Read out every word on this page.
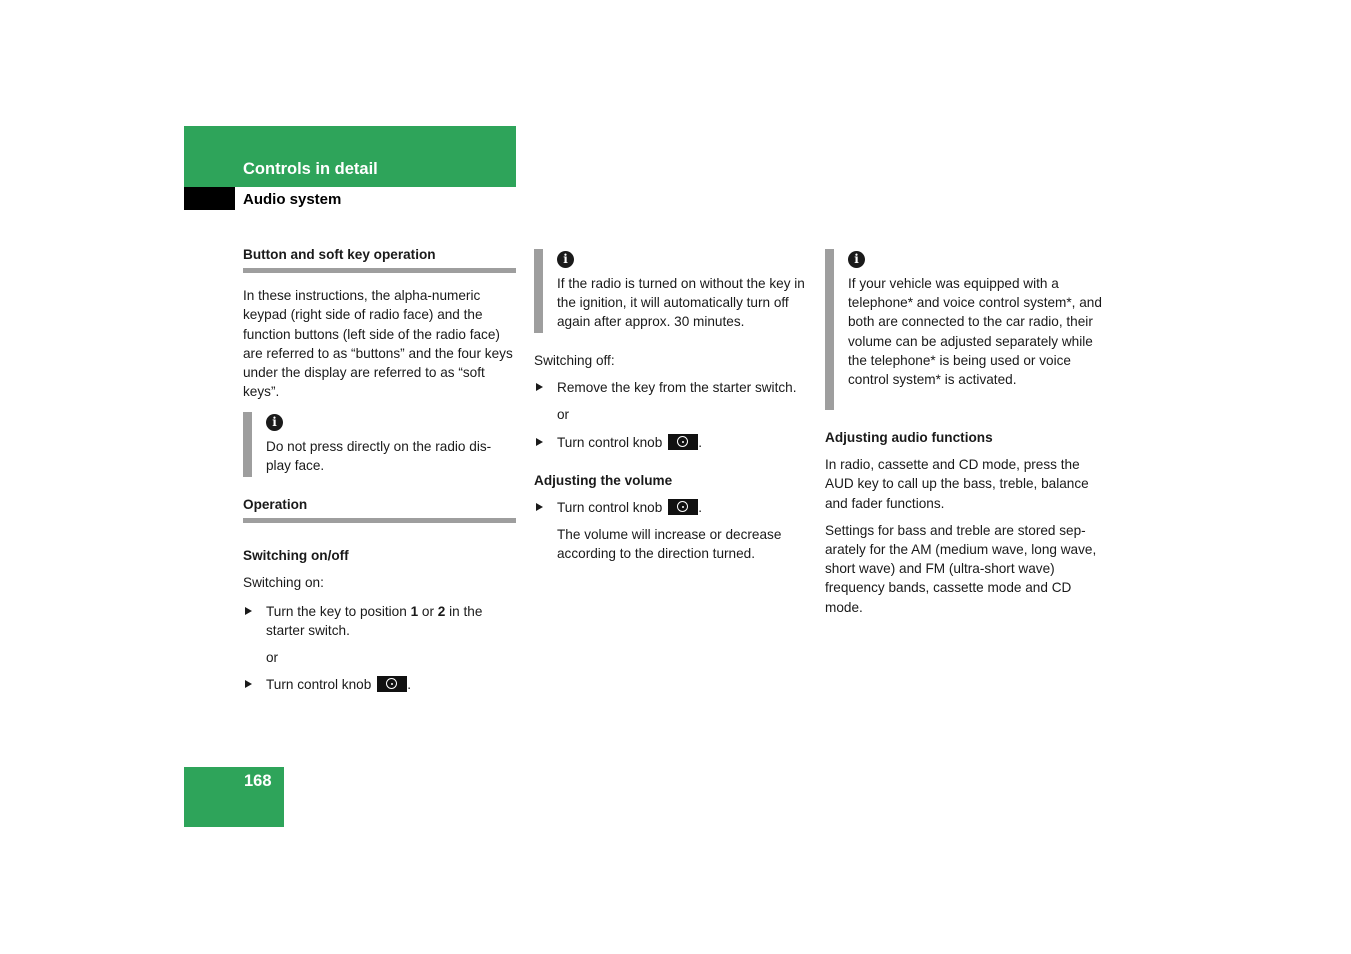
Controls in detail
Audio system

Button and soft key operation

In these instructions, the alpha-numeric keypad (right side of radio face) and the function buttons (left side of the radio face) are referred to as “buttons” and the four keys under the display are referred to as “soft keys”.

i

Do not press directly on the radio dis-play face.

Operation

Switching on/off

Switching on:

Turn the key to position 1 or 2 in the starter switch.

or

Turn control knob	.
i

If the radio is turned on without the key in the ignition, it will automatically turn off again after approx. 30 minutes.

Switching off:

Remove the key from the starter switch.

or

Turn control knob	.

Adjusting the volume

Turn control knob	.

The volume will increase or decrease according to the direction turned.

i

If your vehicle was equipped with a telephone* and voice control system*, and both are connected to the car radio, their volume can be adjusted separately while the telephone* is being used or voice control system* is activated.

Adjusting audio functions

In radio, cassette and CD mode, press the AUD key to call up the bass, treble, balance and fader functions.

Settings for bass and treble are stored sep-arately for the AM (medium wave, long wave, short wave) and FM (ultra-short wave) frequency bands, cassette mode and CD mode.

168
